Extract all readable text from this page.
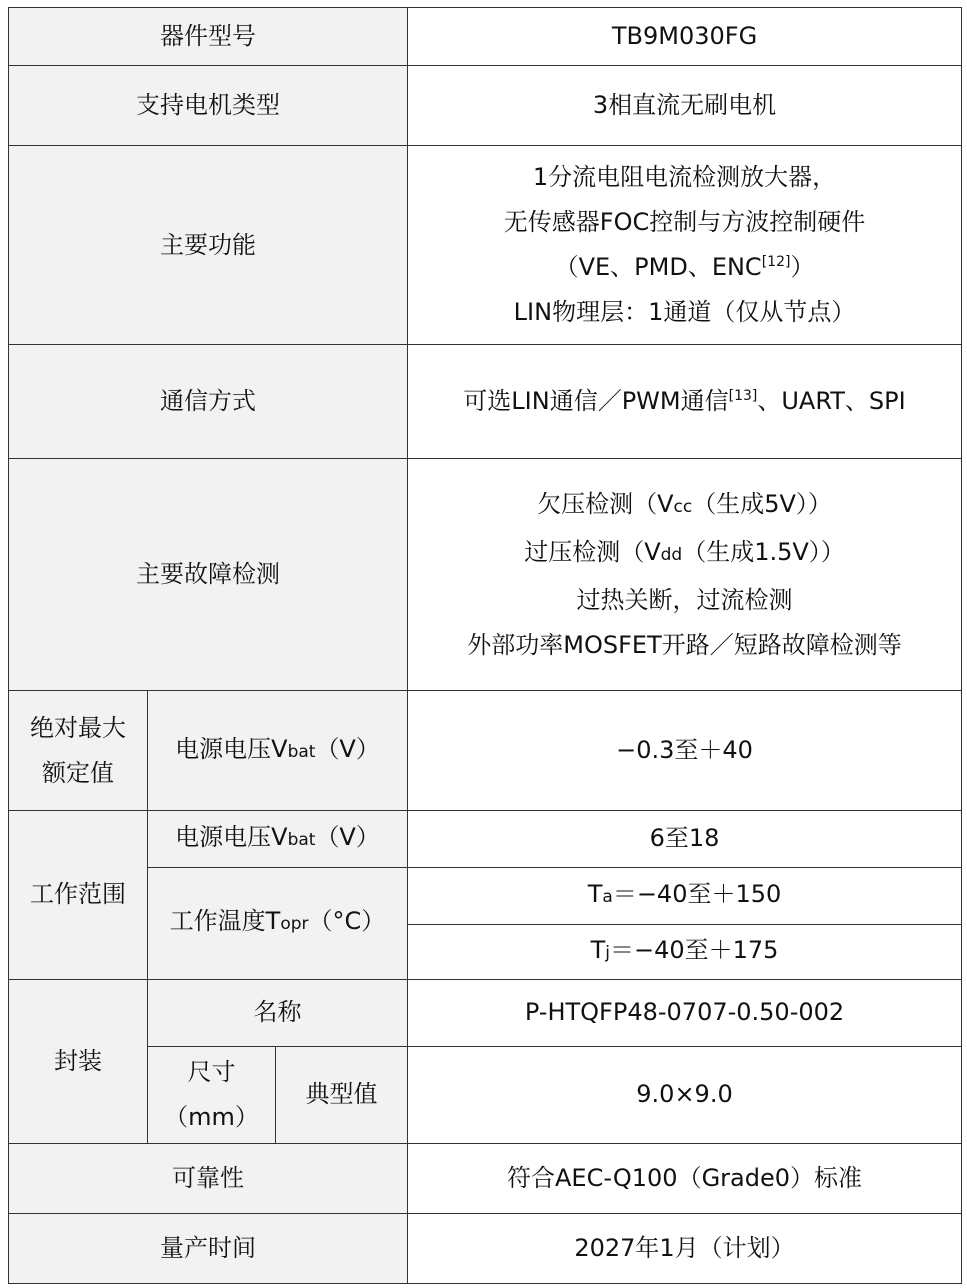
器件型号			TB9M030FG
支持电机类型			3相直流无刷电机
主要功能			1分流电阻电流检测放大器，
无传感器FOC控制与方波控制硬件
（VE、PMD、ENC[12]）
LIN物理层：1通道（仅从节点）

通信方式			可选LIN通信／PWM通信[13]、UART、SPI
主要故障检测			欠压检测（Vcc（生成5V））
过压检测（Vdd（生成1.5V））
过热关断，过流检测
外部功率MOSFET开路／短路故障检测等

绝对最大
额定值	电源电压Vbat（V）		−0.3至＋40
工作范围	电源电压Vbat（V）		6至18
	工作温度Topr（°C）		Ta＝−40至＋150
			Tj＝−40至＋175
封装	名称		P-HTQFP48-0707-0.50-002

	尺寸
（mm）	典型值	9.0×9.0
可靠性			符合AEC-Q100（Grade0）标准
量产时间			2027年1月（计划）
